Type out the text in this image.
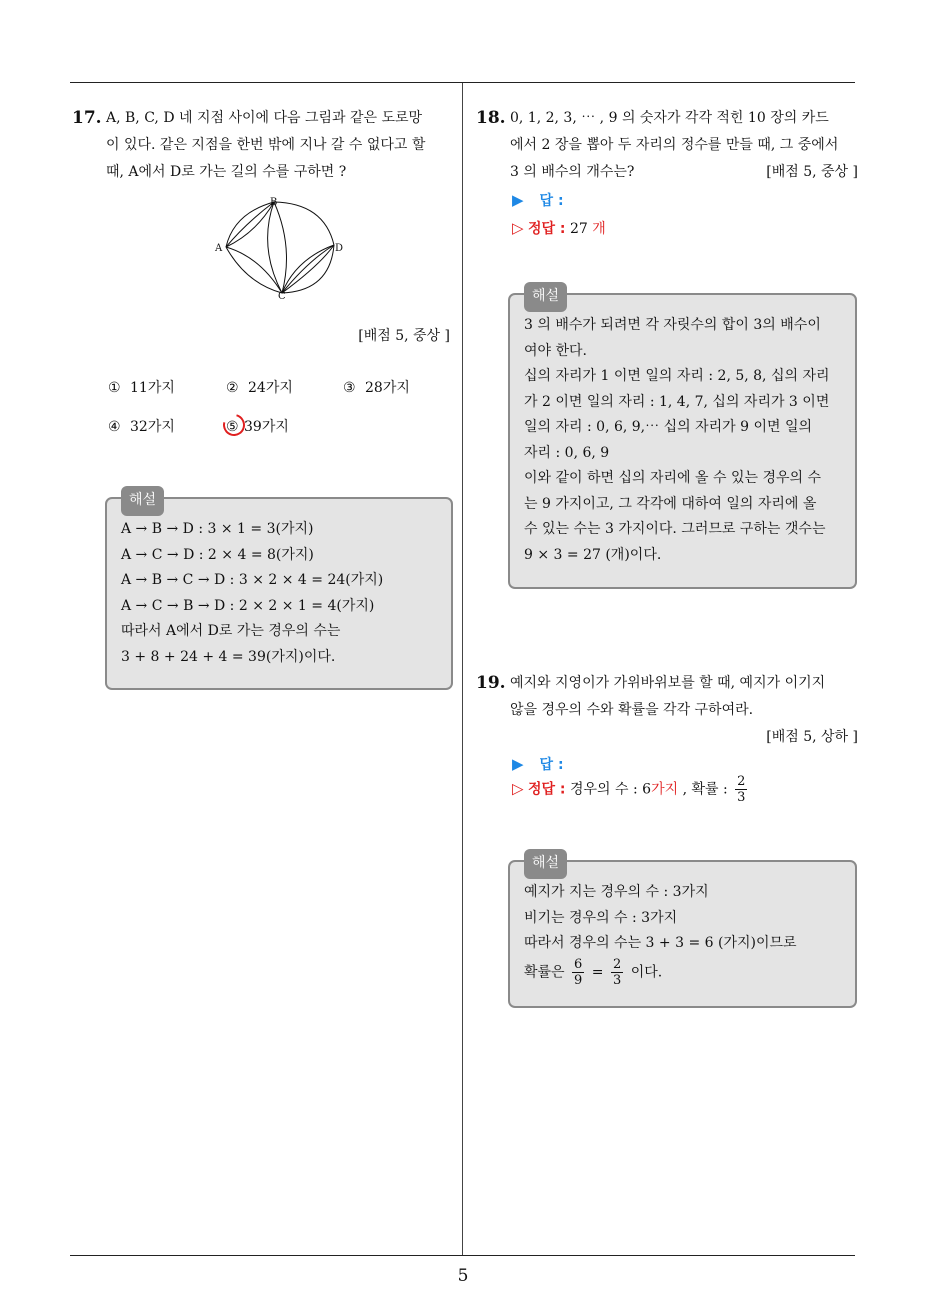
17. A, B, C, D 네 지점 사이에 다음 그림과 같은 도로망

이 있다. 같은 지점을 한번 밖에 지나 갈 수 없다고 할

때, A에서 D로 가는 길의 수를 구하면 ?

A
B
C
D
[배점 5, 중상 ]
① 11가지	② 24가지	③ 28가지
④ 32가지	⑤ 39가지
해설
A → B → D : 3 × 1 = 3(가지)
A → C → D : 2 × 4 = 8(가지)
A → B → C → D : 3 × 2 × 4 = 24(가지)
A → C → B → D : 2 × 2 × 1 = 4(가지)
따라서 A에서 D로 가는 경우의 수는
3 + 8 + 24 + 4 = 39(가지)이다.
18. 0, 1, 2, 3, ⋯ , 9 의 숫자가 각각 적힌 10 장의 카드

에서 2 장을 뽑아 두 자리의 정수를 만들 때, 그 중에서

3 의 배수의 개수는?	[배점 5, 중상 ]

▶ 답 :
▷ 정답 : 27 개
해설
3 의 배수가 되려면 각 자릿수의 합이 3의 배수이
여야 한다.
십의 자리가 1 이면 일의 자리 : 2, 5, 8, 십의 자리
가 2 이면 일의 자리 : 1, 4, 7, 십의 자리가 3 이면
일의 자리 : 0, 6, 9,⋯ 십의 자리가 9 이면 일의
자리 : 0, 6, 9
이와 같이 하면 십의 자리에 올 수 있는 경우의 수
는 9 가지이고, 그 각각에 대하여 일의 자리에 올
수 있는 수는 3 가지이다. 그러므로 구하는 갯수는
9 × 3 = 27 (개)이다.
19. 예지와 지영이가 가위바위보를 할 때, 예지가 이기지

않을 경우의 수와 확률을 각각 구하여라.

[배점 5, 상하 ]

▶ 답 :
▷ 정답 : 경우의 수 : 6가지 , 확률 : $\frac{2}{3}$
해설
예지가 지는 경우의 수 : 3가지
비기는 경우의 수 : 3가지
따라서 경우의 수는 3 + 3 = 6 (가지)이므로
확률은 $\frac{6}{9} = \frac{2}{3}$ 이다.
5
